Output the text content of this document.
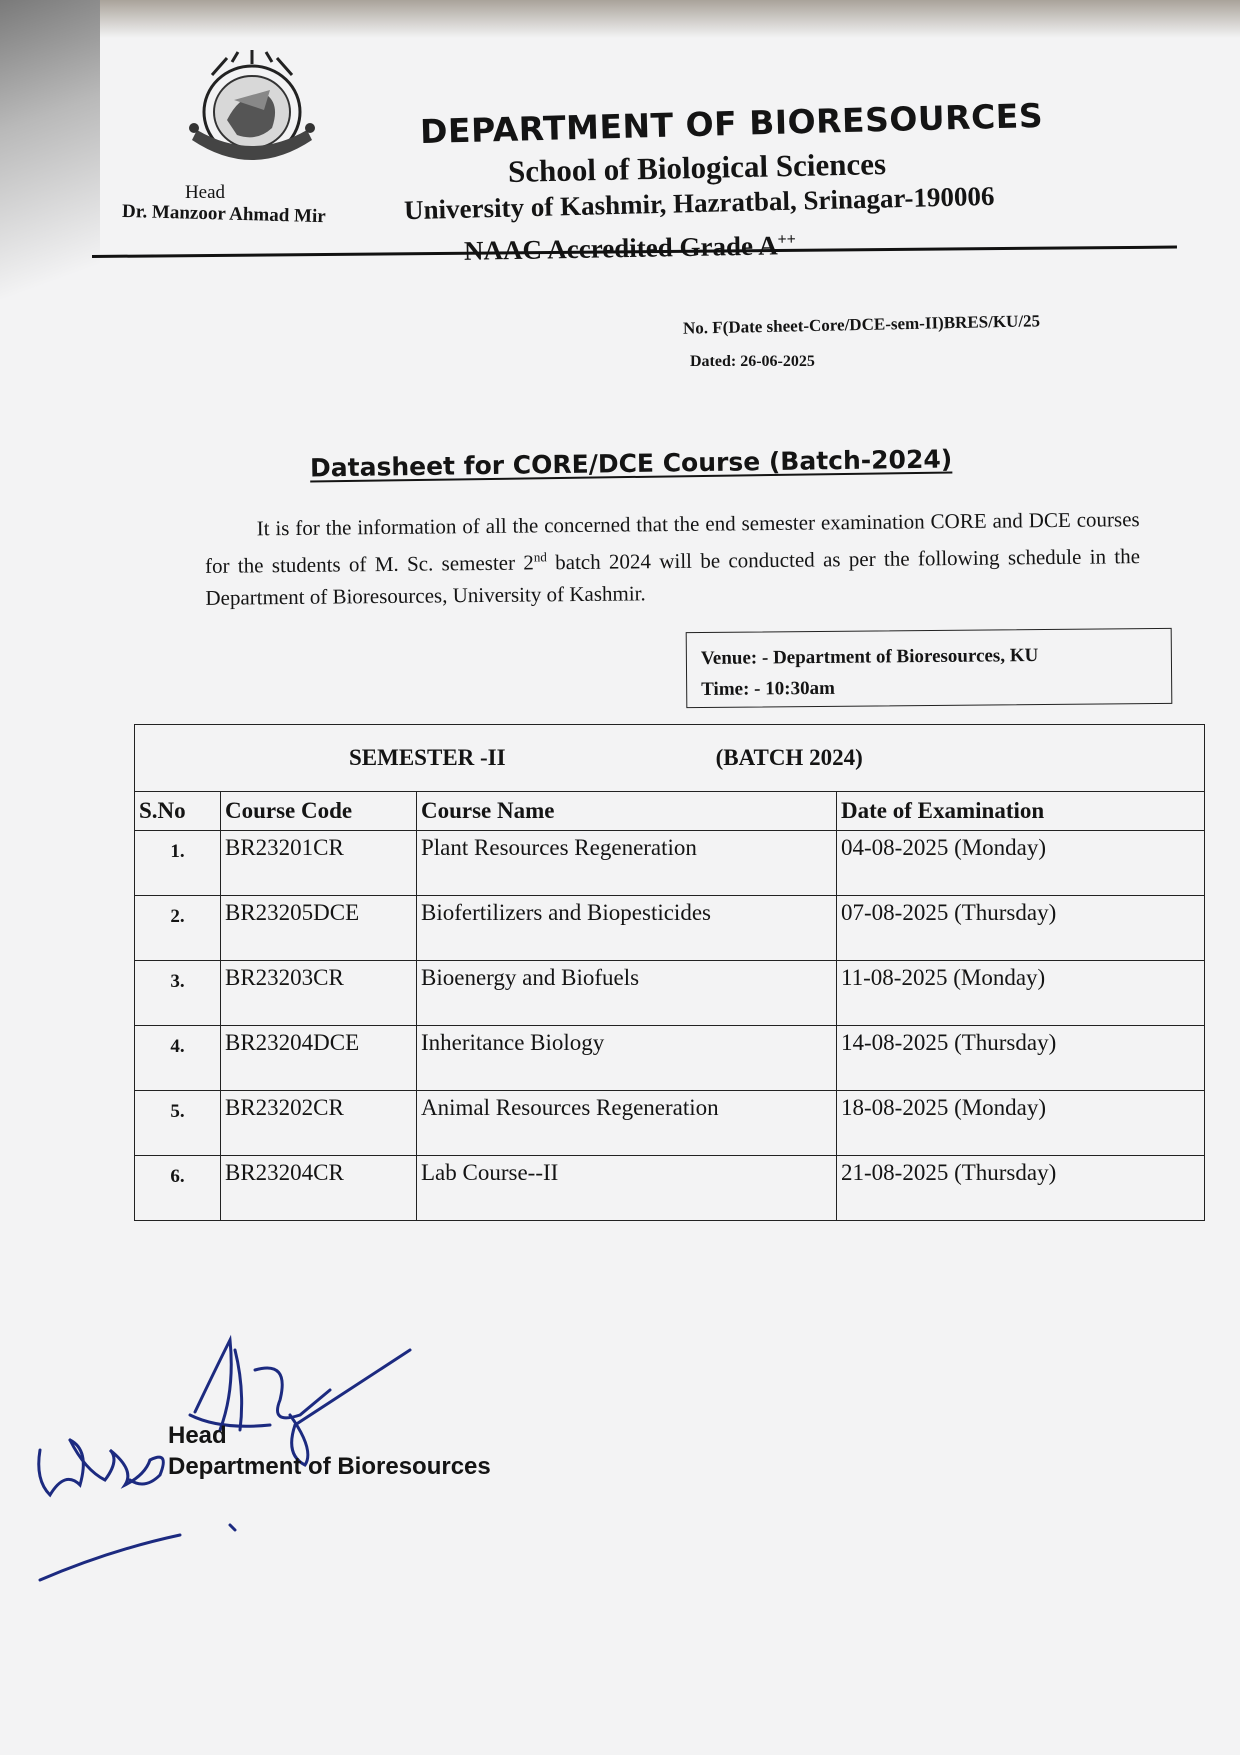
Head
Dr. Manzoor Ahmad Mir
DEPARTMENT OF BIORESOURCES
School of Biological Sciences
University of Kashmir, Hazratbal, Srinagar-190006
NAAC Accredited Grade A++
No. F(Date sheet-Core/DCE-sem-II)BRES/KU/25
Dated: 26-06-2025
Datasheet for CORE/DCE Course (Batch-2024)
It is for the information of all the concerned that the end semester examination CORE and DCE courses for the students of M. Sc. semester 2nd batch 2024 will be conducted as per the following schedule in the Department of Bioresources, University of Kashmir.
Venue: - Department of Bioresources, KU
Time: - 10:30am
SEMESTER -II (BATCH 2024)			

S.No	Course Code	Course Name	Date of Examination
1.	BR23201CR	Plant Resources Regeneration	04-08-2025 (Monday)
2.	BR23205DCE	Biofertilizers and Biopesticides	07-08-2025 (Thursday)
3.	BR23203CR	Bioenergy and Biofuels	11-08-2025 (Monday)
4.	BR23204DCE	Inheritance Biology	14-08-2025 (Thursday)
5.	BR23202CR	Animal Resources Regeneration	18-08-2025 (Monday)
6.	BR23204CR	Lab Course--II	21-08-2025 (Thursday)
Head
Department of Bioresources
